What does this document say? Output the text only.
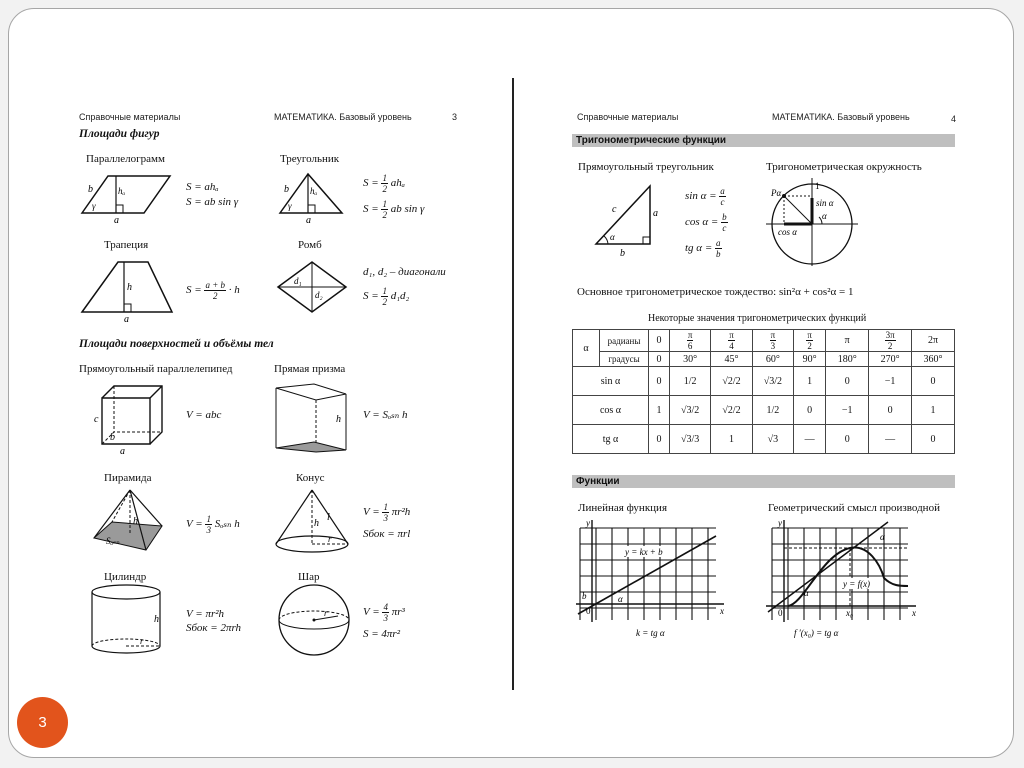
Справочные материалы	МАТЕМАТИКА. Базовый уровень	3
Площади фигур
Параллелограмм
b	hₐ
γ
a
S = ahₐ
S = ab sin γ
Треугольник
b hₐ
γ
a
$S = \frac{1}{2}$ ahₐ
$S = \frac{1}{2}$ ab sin γ
Трапеция
h
a
$S = \frac{a + b}{2} \cdot h$
Ромб
d₁
d₂
d₁, d₂ – диагонали
$S = \frac{1}{2} d_1d_2$
Площади поверхностей и объёмы тел
Прямоугольный параллелепипед
c
b
a
V = abc
Прямая призма
h V = Sₒₛₙ h
Пирамида
h
Sₒₛₙ
$V = \frac{1}{3}$ Sₒₛₙ h
Конус
l
h
r
$V = \frac{1}{3} \pi r^2h$
Sбок = πrl
Цилиндр
h
r
V = πr²h
Sбок = 2πrh
Шар
r	$V = \frac{4}{3} \pi r^3$
S = 4πr²
Справочные материалы	МАТЕМАТИКА. Базовый уровень	4
Тригонометрические функции
Прямоугольный треугольник
c	a
b
α
$\sin \alpha = \frac{a}{c}$
$\cos \alpha = \frac{b}{c}$
tg $\alpha = \frac{a}{b}$
Тригонометрическая окружность
Pα
1
sin α
cos α
α
Основное тригонометрическое тождество: sin²α + cos²α = 1
Некоторые значения тригонометрических функций
α	радианы	0	$\frac{\pi}{6}$	$\frac{\pi}{4}$	$\frac{\pi}{3}$	$\frac{\pi}{2}$	π	$\frac{3\pi}{2}$	2π
	градусы	0	30°	45°	60°	90°	180°	270°	360°
sin α		0	1/2	√2/2	√3/2	1	0	−1	0
cos α		1	√3/2	√2/2	1/2	0	−1	0	1
tg α		0	√3/3	1	√3	—	0	—	0
Функции
Линейная функция
y
x
0
b	α
y = kx + b
k = tg α
Геометрический смысл производной
y
x
0	x₀
α
α
y = f(x)
f ′(x₀) = tg α
3
